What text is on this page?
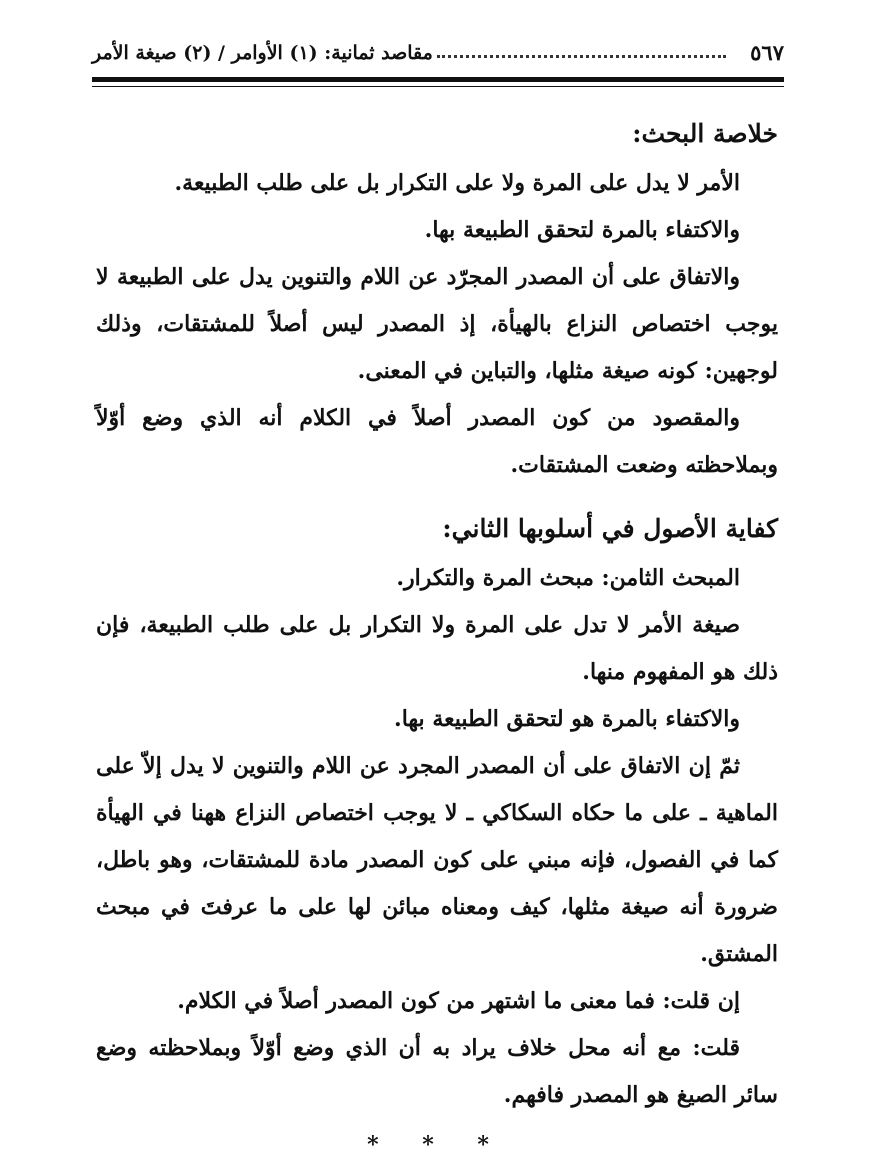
٥٦٧
مقاصد ثمانية: (١) الأوامر / (٢) صيغة الأمر

خلاصة البحث:

الأمر لا يدل على المرة ولا على التكرار بل على طلب الطبيعة.

والاكتفاء بالمرة لتحقق الطبيعة بها.

والاتفاق على أن المصدر المجرّد عن اللام والتنوين يدل على الطبيعة لا يوجب اختصاص النزاع بالهيأة، إذ المصدر ليس أصلاً للمشتقات، وذلك لوجهين: كونه صيغة مثلها، والتباين في المعنى.

والمقصود من كون المصدر أصلاً في الكلام أنه الذي وضع أوّلاً وبملاحظته وضعت المشتقات.

كفاية الأصول في أسلوبها الثاني:

المبحث الثامن: مبحث المرة والتكرار.

صيغة الأمر لا تدل على المرة ولا التكرار بل على طلب الطبيعة، فإن ذلك هو المفهوم منها.

والاكتفاء بالمرة هو لتحقق الطبيعة بها.

ثمّ إن الاتفاق على أن المصدر المجرد عن اللام والتنوين لا يدل إلاّ على الماهية ـ على ما حكاه السكاكي ـ لا يوجب اختصاص النزاع ههنا في الهيأة كما في الفصول، فإنه مبني على كون المصدر مادة للمشتقات، وهو باطل، ضرورة أنه صيغة مثلها، كيف ومعناه مبائن لها على ما عرفتَ في مبحث المشتق.

إن قلت: فما معنى ما اشتهر من كون المصدر أصلاً في الكلام.

قلت: مع أنه محل خلاف يراد به أن الذي وضع أوّلاً وبملاحظته وضع سائر الصيغ هو المصدر فافهم.

* * *
